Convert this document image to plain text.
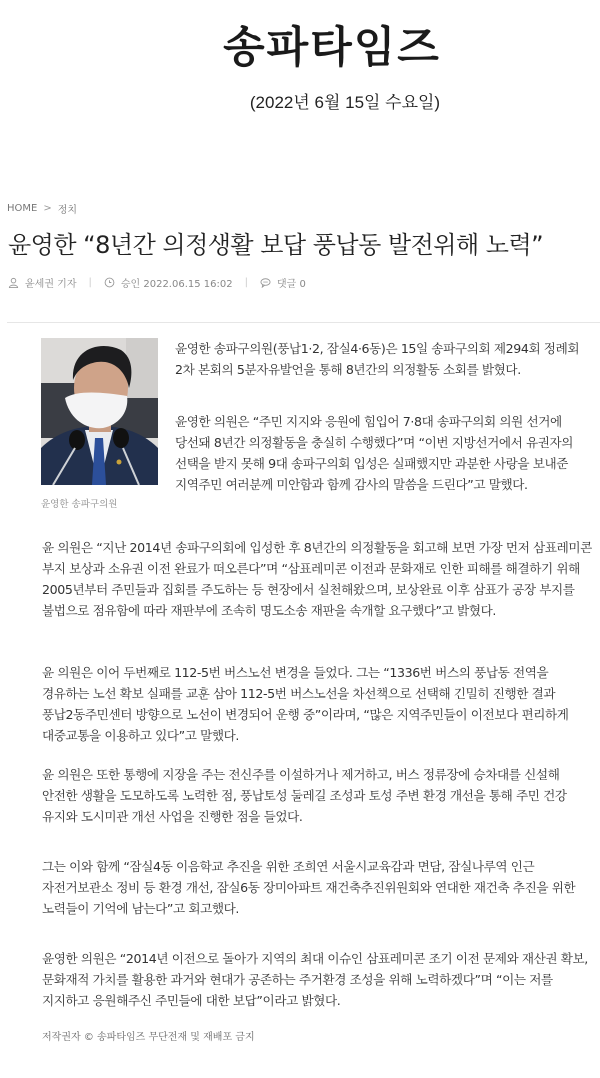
송파타임즈
(2022년 6월 15일 수요일)
HOME > 정치
윤영한 “8년간 의정생활 보답 풍납동 발전위해 노력”
윤세권 기자 |	승인 2022.06.15 16:02 |	댓글 0
윤영한 송파구의원

윤영한 송파구의원(풍납1·2, 잠실4·6동)은 15일 송파구의회 제294회 정례회 2차 본회의 5분자유발언을 통해 8년간의 의정활동 소회를 밝혔다.

윤영한 의원은 “주민 지지와 응원에 힘입어 7·8대 송파구의회 의원 선거에 당선돼 8년간 의정활동을 충실히 수행했다”며 “이번 지방선거에서 유권자의 선택을 받지 못해 9대 송파구의회 입성은 실패했지만 과분한 사랑을 보내준 지역주민 여러분께 미안함과 함께 감사의 말씀을 드린다”고 말했다.

윤 의원은 “지난 2014년 송파구의회에 입성한 후 8년간의 의정활동을 회고해 보면 가장 먼저 삼표레미콘 부지 보상과 소유권 이전 완료가 떠오른다”며 “삼표레미콘 이전과 문화재로 인한 피해를 해결하기 위해 2005년부터 주민들과 집회를 주도하는 등 현장에서 실천해왔으며, 보상완료 이후 삼표가 공장 부지를 불법으로 점유함에 따라 재판부에 조속히 명도소송 재판을 속개할 요구했다”고 밝혔다.

윤 의원은 이어 두번째로 112-5번 버스노선 변경을 들었다. 그는 “1336번 버스의 풍납동 전역을 경유하는 노선 확보 실패를 교훈 삼아 112-5번 버스노선을 차선책으로 선택해 긴밀히 진행한 결과 풍납2동주민센터 방향으로 노선이 변경되어 운행 중”이라며, “많은 지역주민들이 이전보다 편리하게 대중교통을 이용하고 있다”고 말했다.

윤 의원은 또한 통행에 지장을 주는 전신주를 이설하거나 제거하고, 버스 정류장에 승차대를 신설해 안전한 생활을 도모하도록 노력한 점, 풍납토성 둘레길 조성과 토성 주변 환경 개선을 통해 주민 건강 유지와 도시미관 개선 사업을 진행한 점을 들었다.

그는 이와 함께 “잠실4동 이음학교 추진을 위한 조희연 서울시교육감과 면담, 잠실나루역 인근 자전거보관소 정비 등 환경 개선, 잠실6동 장미아파트 재건축추진위원회와 연대한 재건축 추진을 위한 노력들이 기억에 남는다”고 회고했다.

윤영한 의원은 “2014년 이전으로 돌아가 지역의 최대 이슈인 삼표레미콘 조기 이전 문제와 재산권 확보, 문화재적 가치를 활용한 과거와 현대가 공존하는 주거환경 조성을 위해 노력하겠다”며 “이는 저를 지지하고 응원해주신 주민들에 대한 보답”이라고 밝혔다.

저작권자 © 송파타임즈 무단전재 및 재배포 금지
